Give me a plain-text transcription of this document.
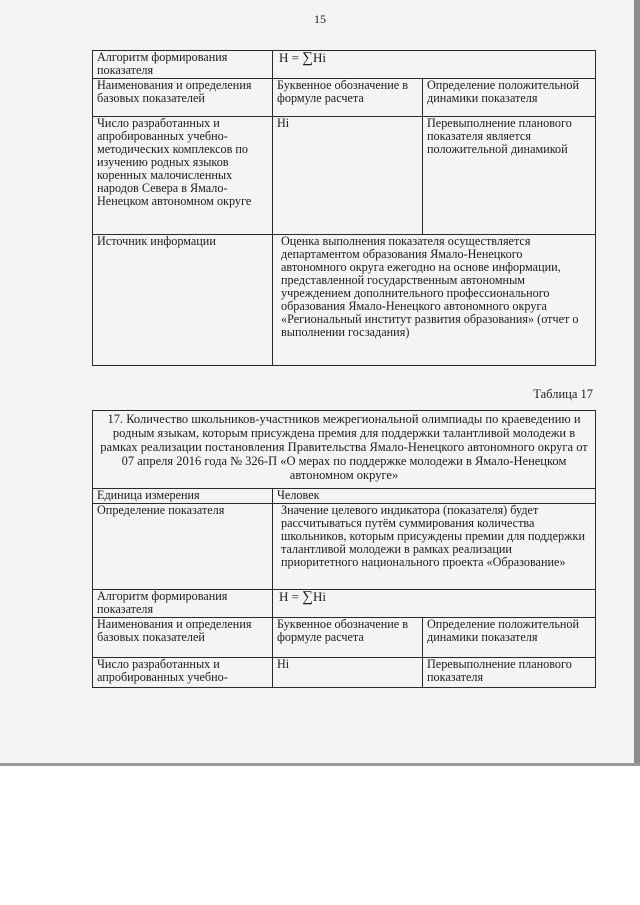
15
Алгоритм формирования показателя	H = ∑Hi	
Наименования и определения базовых показателей	Буквенное обозначение в формуле расчета	Определение положительной динамики показателя
Число разработанных и апробированных учебно-методических комплексов по изучению родных языков коренных малочисленных народов Севера в Ямало-Ненецком автономном округе	Hi	Перевыполнение планового показателя является положительной динамикой
Источник информации	Оценка выполнения показателя осуществляется департаментом образования Ямало-Ненецкого автономного округа ежегодно на основе информации, представленной государственным автономным учреждением дополнительного профессионального образования Ямало-Ненецкого автономного округа «Региональный институт развития образования» (отчет о выполнении госзадания)	
Таблица 17
17. Количество школьников-участников межрегиональной олимпиады по краеведению и родным языкам, которым присуждена премия для поддержки талантливой молодежи в рамках реализации постановления Правительства Ямало-Ненецкого автономного округа от 07 апреля 2016 года № 326-П «О мерах по поддержке молодежи в Ямало-Ненецком автономном округе»		
Единица измерения	Человек	
Определение показателя	Значение целевого индикатора (показателя) будет рассчитываться путём суммирования количества школьников, которым присуждены премии для поддержки талантливой молодежи в рамках реализации приоритетного национального проекта «Образование»	
Алгоритм формирования показателя	H = ∑Hi	
Наименования и определения базовых показателей	Буквенное обозначение в формуле расчета	Определение положительной динамики показателя
Число разработанных и апробированных учебно-	Hi	Перевыполнение планового показателя
